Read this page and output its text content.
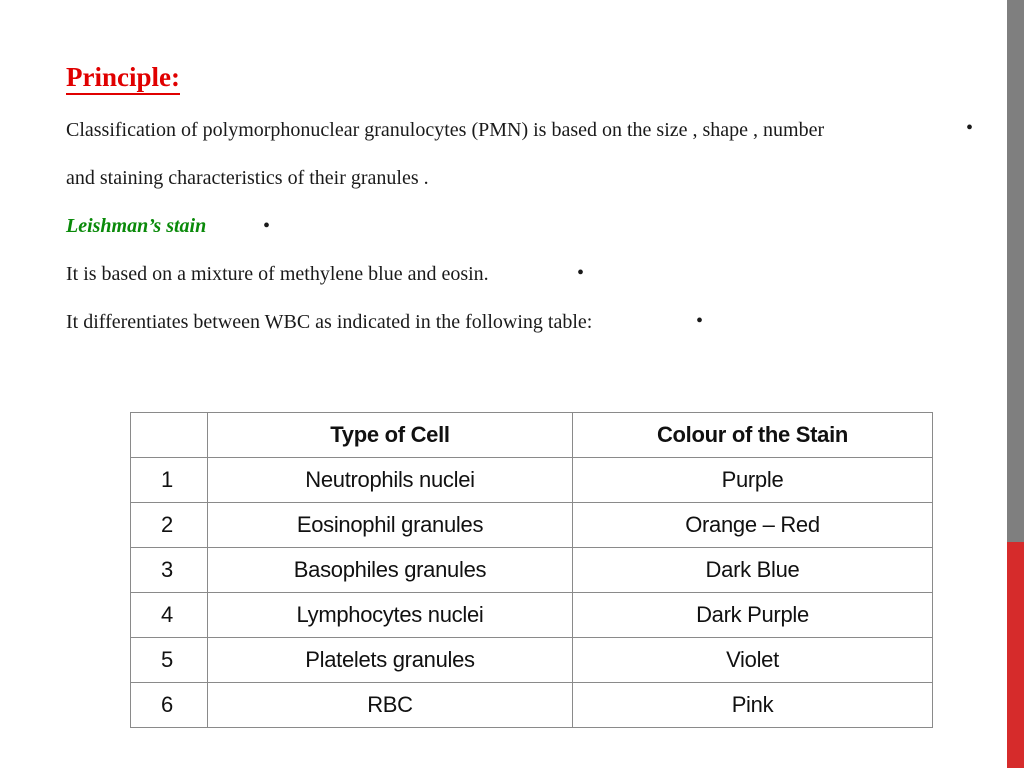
Principle:
Classification of polymorphonuclear granulocytes (PMN) is based on the size , shape , number	•
and staining characteristics of their granules .
Leishman’s stain	•
It is based on a mixture of methylene blue and eosin.	•
It differentiates between WBC as indicated in the following table:	•
	Type of Cell	Colour of the Stain
1	Neutrophils nuclei	Purple
2	Eosinophil granules	Orange – Red
3	Basophiles granules	Dark Blue
4	Lymphocytes nuclei	Dark Purple
5	Platelets granules	Violet
6	RBC	Pink
